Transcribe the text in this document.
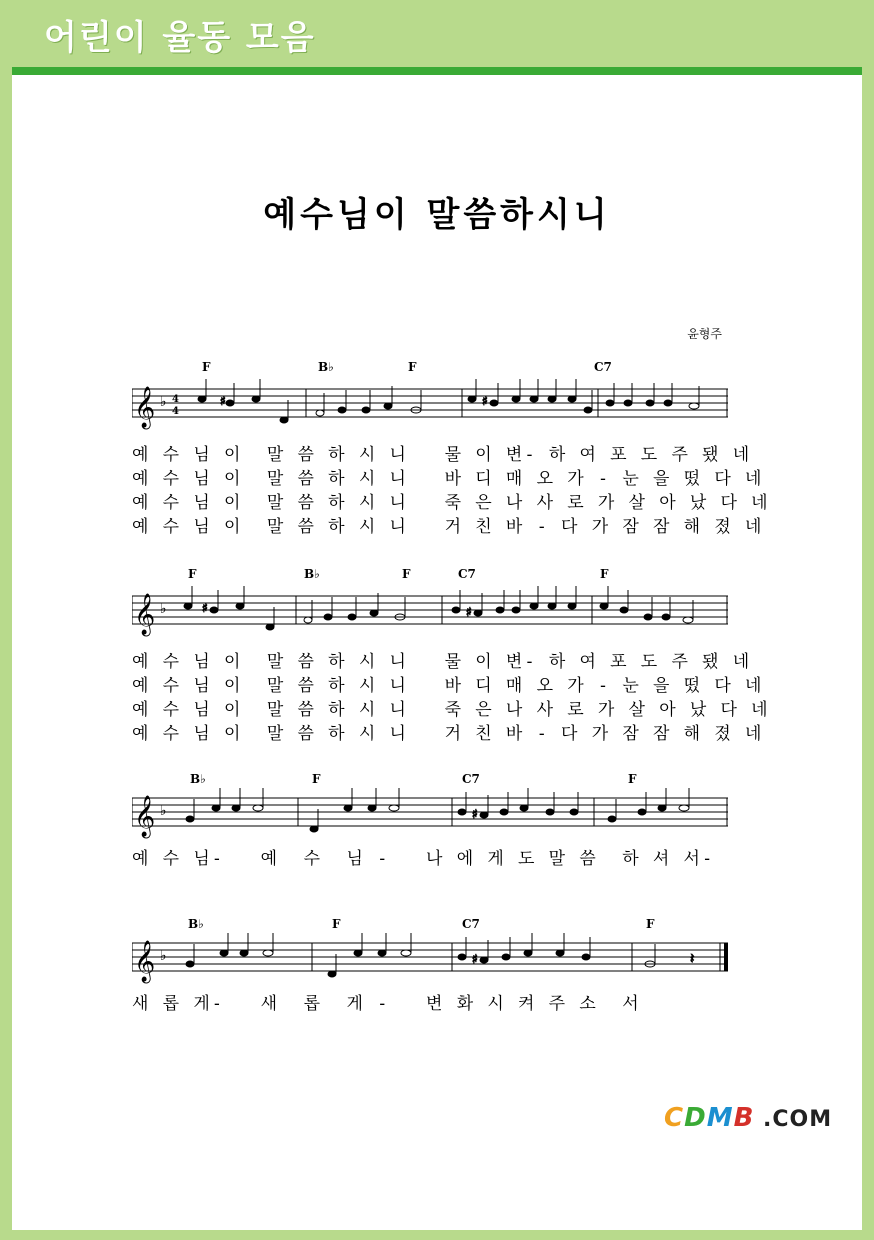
어린이 율동 모음
예수님이 말씀하시니
윤형주
F	B♭	F	C7
𝄞 ♭ 4
4
♯	♯
예 수 님 이  말 씀 하 시 니   물 이 변- 하 여 포 도 주 됐 네
예 수 님 이  말 씀 하 시 니   바 디 매 오 가 - 눈 을 떴 다 네
예 수 님 이  말 씀 하 시 니   죽 은 나 사 로 가 살 아 났 다 네
예 수 님 이  말 씀 하 시 니   거 친 바 - 다 가 잠 잠 해 졌 네
F	B♭	F	C7	F
𝄞 ♭	♯	♯
예 수 님 이  말 씀 하 시 니   물 이 변- 하 여 포 도 주 됐 네
예 수 님 이  말 씀 하 시 니   바 디 매 오 가 - 눈 을 떴 다 네
예 수 님 이  말 씀 하 시 니   죽 은 나 사 로 가 살 아 났 다 네
예 수 님 이  말 씀 하 시 니   거 친 바 - 다 가 잠 잠 해 졌 네
B♭	F	C7	F
𝄞 ♭	♯
예 수 님-   예  수  님 -   나 에 게 도 말 씀  하 셔 서-
B♭	F	C7	F
𝄞 ♭	♯	𝄽
새 롭 게-   새  롭  게 -   변 화 시 켜 주 소  서
CDMB .COM
